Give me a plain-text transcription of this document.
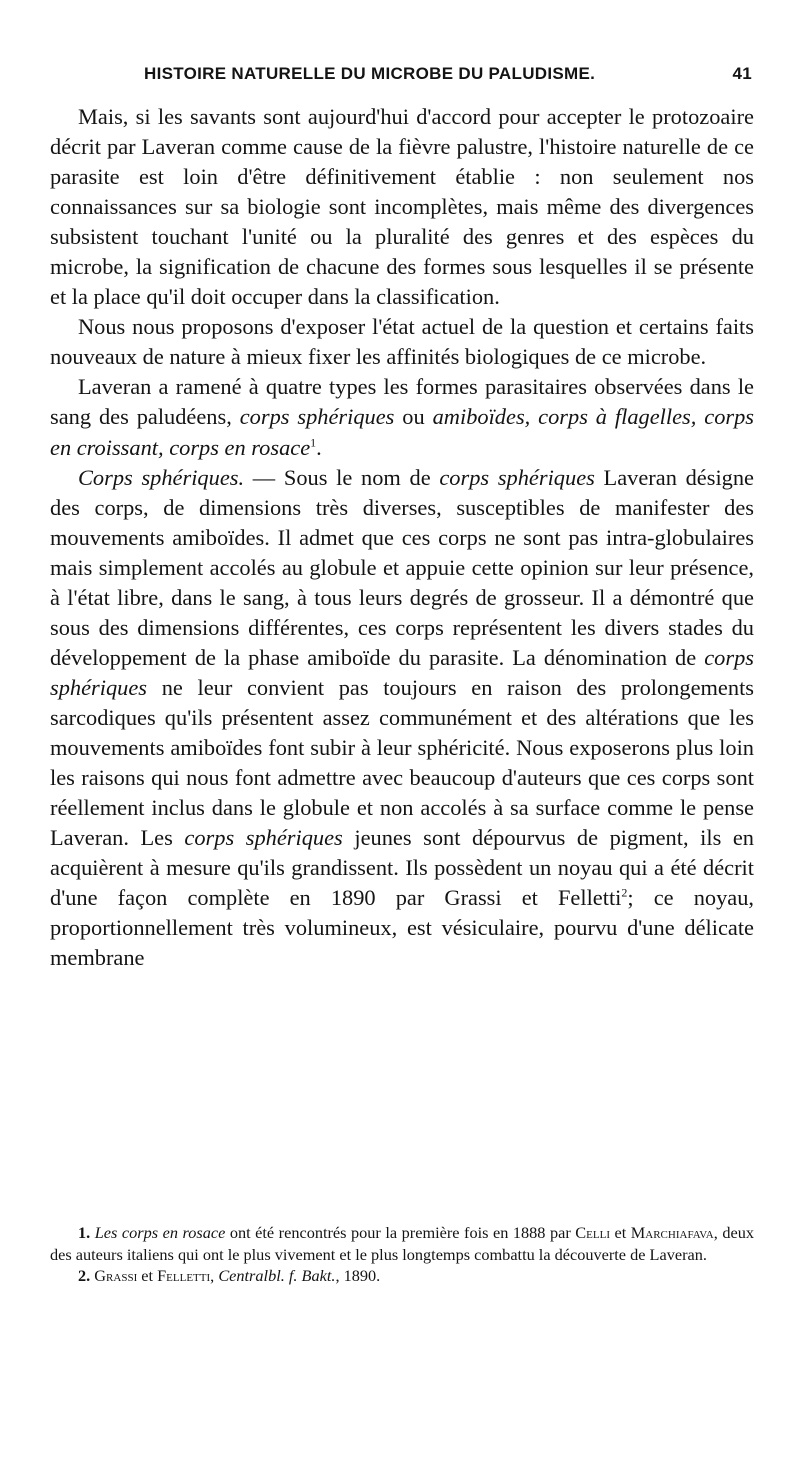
HISTOIRE NATURELLE DU MICROBE DU PALUDISME.	41

Mais, si les savants sont aujourd'hui d'accord pour accepter le protozoaire décrit par Laveran comme cause de la fièvre palustre, l'histoire naturelle de ce parasite est loin d'être définitivement établie : non seulement nos connaissances sur sa biologie sont incomplètes, mais même des divergences subsistent touchant l'unité ou la pluralité des genres et des espèces du microbe, la signification de chacune des formes sous lesquelles il se présente et la place qu'il doit occuper dans la classification.

Nous nous proposons d'exposer l'état actuel de la question et certains faits nouveaux de nature à mieux fixer les affinités biologiques de ce microbe.

Laveran a ramené à quatre types les formes parasitaires observées dans le sang des paludéens, corps sphériques ou amiboïdes, corps à flagelles, corps en croissant, corps en rosace$^1$.

Corps sphériques. — Sous le nom de corps sphériques Laveran désigne des corps, de dimensions très diverses, susceptibles de manifester des mouvements amiboïdes. Il admet que ces corps ne sont pas intra-globulaires mais simplement accolés au globule et appuie cette opinion sur leur présence, à l'état libre, dans le sang, à tous leurs degrés de grosseur. Il a démontré que sous des dimensions différentes, ces corps représentent les divers stades du développement de la phase amiboïde du parasite. La dénomination de corps sphériques ne leur convient pas toujours en raison des prolongements sarcodiques qu'ils présentent assez communément et des altérations que les mouvements amiboïdes font subir à leur sphéricité. Nous exposerons plus loin les raisons qui nous font admettre avec beaucoup d'auteurs que ces corps sont réellement inclus dans le globule et non accolés à sa surface comme le pense Laveran. Les corps sphériques jeunes sont dépourvus de pigment, ils en acquièrent à mesure qu'ils grandissent. Ils possèdent un noyau qui a été décrit d'une façon complète en 1890 par Grassi et Felletti$^2$; ce noyau, proportionnellement très volumineux, est vésiculaire, pourvu d'une délicate membrane

1. Les corps en rosace ont été rencontrés pour la première fois en 1888 par Celli et Marchiafava, deux des auteurs italiens qui ont le plus vivement et le plus longtemps combattu la découverte de Laveran.

2. Grassi et Felletti, Centralbl. f. Bakt., 1890.
